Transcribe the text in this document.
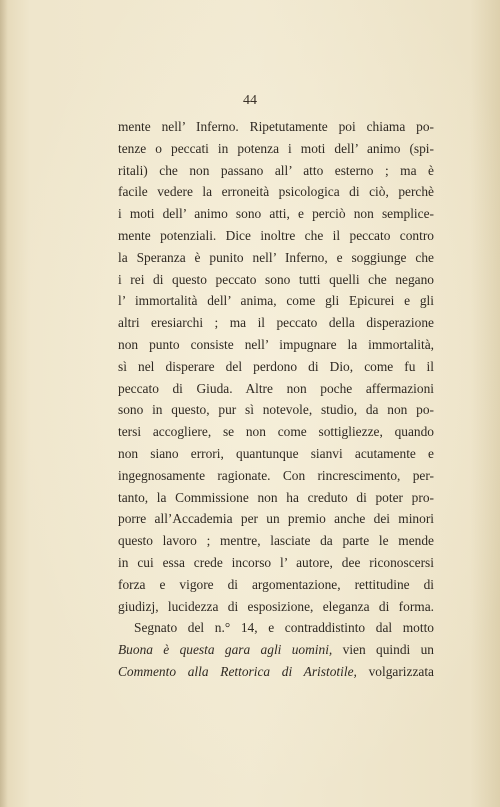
44
mente nell’ Inferno. Ripetutamente poi chiama po-
tenze o peccati in potenza i moti dell’ animo (spi-
ritali) che non passano all’ atto esterno ; ma è
facile vedere la erroneità psicologica di ciò, perchè
i moti dell’ animo sono atti, e perciò non semplice-
mente potenziali. Dice inoltre che il peccato contro
la Speranza è punito nell’ Inferno, e soggiunge che
i rei di questo peccato sono tutti quelli che negano
l’ immortalità dell’ anima, come gli Epicurei e gli
altri eresiarchi ; ma il peccato della disperazione
non punto consiste nell’ impugnare la immortalità,
sì nel disperare del perdono di Dio, come fu il
peccato di Giuda. Altre non poche affermazioni
sono in questo, pur sì notevole, studio, da non po-
tersi accogliere, se non come sottigliezze, quando
non siano errori, quantunque sianvi acutamente e
ingegnosamente ragionate. Con rincrescimento, per-
tanto, la Commissione non ha creduto di poter pro-
porre all’Accademia per un premio anche dei minori
questo lavoro ; mentre, lasciate da parte le mende
in cui essa crede incorso l’ autore, dee riconoscersi
forza e vigore di argomentazione, rettitudine di
giudizj, lucidezza di esposizione, eleganza di forma.
Segnato del n.° 14, e contraddistinto dal motto
Buona è questa gara agli uomini, vien quindi un
Commento alla Rettorica di Aristotile, volgarizzata
